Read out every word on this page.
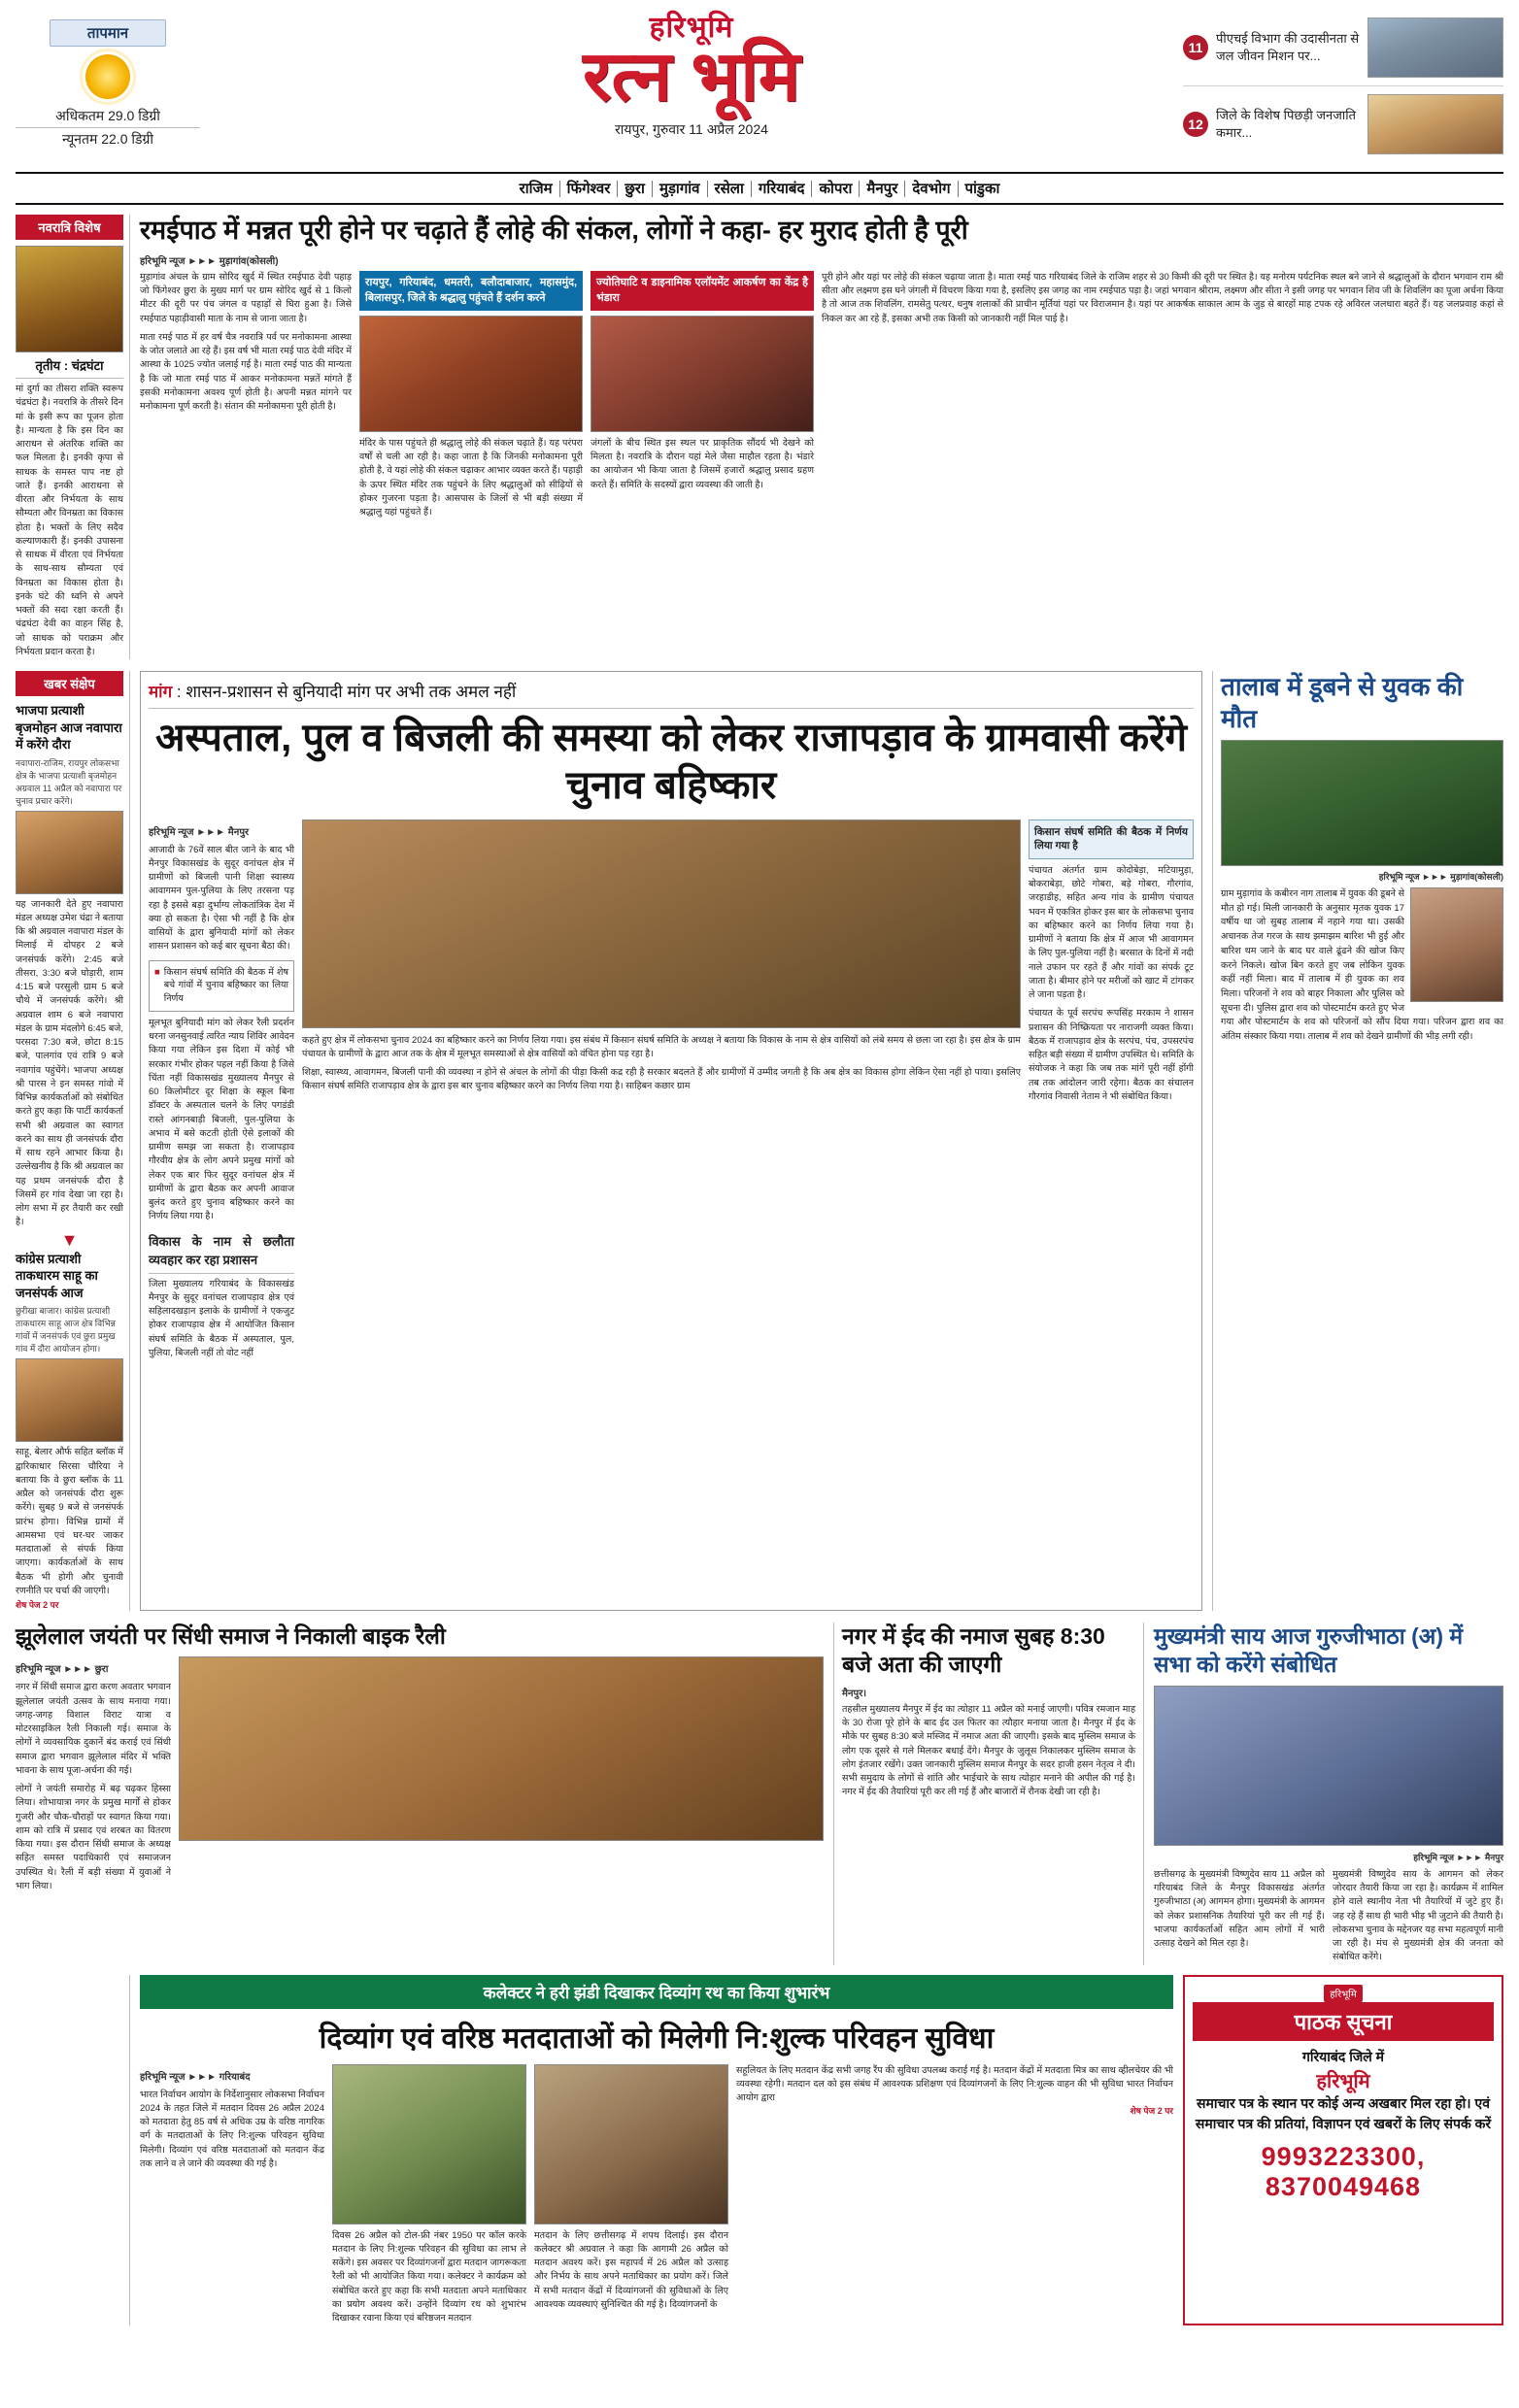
तापमान
अधिकतम 29.0 डिग्री
न्यूनतम 22.0 डिग्री
हरिभूमि
रत्न भूमि
रायपुर, गुरुवार 11 अप्रैल 2024
11
पीएचई विभाग की उदासीनता से जल जीवन मिशन पर...
12
जिले के विशेष पिछड़ी जनजाति कमार...
राजिम फिंगेश्वर छुरा मुड़ागांव रसेला गरियाबंद कोपरा मैनपुर देवभोग पांडुका
नवरात्रि विशेष
तृतीय : चंद्रघंटा
मां दुर्गा का तीसरा शक्ति स्वरूप चंद्रघंटा है। नवरात्रि के तीसरे दिन मां के इसी रूप का पूजन होता है। मान्यता है कि इस दिन का आराधन से अंतरिक शक्ति का फल मिलता है। इनकी कृपा से साधक के समस्त पाप नष्ट हो जाते हैं। इनकी आराधना से वीरता और निर्भयता के साथ सौम्यता और विनम्रता का विकास होता है। भक्तों के लिए सदैव कल्याणकारी हैं। इनकी उपासना से साधक में वीरता एवं निर्भयता के साथ-साथ सौम्यता एवं विनम्रता का विकास होता है। इनके घंटे की ध्वनि से अपने भक्तों की सदा रक्षा करती हैं। चंद्रघंटा देवी का वाहन सिंह है, जो साधक को पराक्रम और निर्भयता प्रदान करता है।
रमईपाठ में मन्नत पूरी होने पर चढ़ाते हैं लोहे की संकल, लोगों ने कहा- हर मुराद होती है पूरी
हरिभूमि न्यूज ►►► मुड़ागांव(कोसली)
मुड़ागांव अंचल के ग्राम सोरिद खुर्द में स्थित रमईपाठ देवी पहाड़ जो फिंगेश्वर छुरा के मुख्य मार्ग पर ग्राम सोरिद खुर्द से 1 किलो मीटर की दूरी पर पंच जंगल व पहाड़ों से घिरा हुआ है। जिसे रमईपाठ पहाड़ीवासी माता के नाम से जाना जाता है।
माता रमई पाठ में हर वर्ष चैत्र नवरात्रि पर्व पर मनोकामना आस्था के जोत जलाते आ रहे हैं। इस वर्ष भी माता रमई पाठ देवी मंदिर में आस्था के 1025 ज्योत जलाई गई है। माता रमई पाठ की मान्यता है कि जो माता रमई पाठ में आकर मनोकामना मन्नतें मांगते हैं इसकी मनोकामना अवश्य पूर्ण होती है। अपनी मन्नत मांगने पर मनोकामना पूर्ण करती है। संतान की मनोकामना पूरी होती है।
रायपुर, गरियाबंद, धमतरी, बलौदाबाजार, महासमुंद, बिलासपुर, जिले के श्रद्धालु पहुंचते हैं दर्शन करने
मंदिर के पास पहुंचते ही श्रद्धालु लोहे की संकल चढ़ाते हैं। यह परंपरा वर्षों से चली आ रही है। कहा जाता है कि जिनकी मनोकामना पूरी होती है, वे यहां लोहे की संकल चढ़ाकर आभार व्यक्त करते हैं। पहाड़ी के ऊपर स्थित मंदिर तक पहुंचने के लिए श्रद्धालुओं को सीढ़ियों से होकर गुजरना पड़ता है। आसपास के जिलों से भी बड़ी संख्या में श्रद्धालु यहां पहुंचते हैं।
ज्योतिघाटि व डाइनामिक एलॉयमेंट आकर्षण का केंद्र है भंडारा
जंगलों के बीच स्थित इस स्थल पर प्राकृतिक सौंदर्य भी देखने को मिलता है। नवरात्रि के दौरान यहां मेले जैसा माहौल रहता है। भंडारे का आयोजन भी किया जाता है जिसमें हजारों श्रद्धालु प्रसाद ग्रहण करते हैं। समिति के सदस्यों द्वारा व्यवस्था की जाती है।
पूरी होने और यहां पर लोहे की संकल चढ़ाया जाता है। माता रमई पाठ गरियाबंद जिले के राजिम शहर से 30 किमी की दूरी पर स्थित है। यह मनोरम पर्यटनिक स्थल बने जाने से श्रद्धालुओं के दौरान भगवान राम श्री सीता और लक्ष्मण इस घने जंगली में विचरण किया गया है, इसलिए इस जगह का नाम रमईपाठ पड़ा है। जहां भगवान श्रीराम, लक्ष्मण और सीता ने इसी जगह पर भगवान शिव जी के शिवलिंग का पूजा अर्चना किया है तो आज तक शिवलिंग, रामसेतु पत्थर, धनुष शलाकों की प्राचीन मूर्तियां यहां पर विराजमान है। यहां पर आकर्षक साकाल आम के जुड़ से बारहों माह टपक रहे अविरल जलधारा बहते हैं। यह जलप्रवाह कहां से निकल कर आ रहे हैं, इसका अभी तक किसी को जानकारी नहीं मिल पाई है।
खबर संक्षेप
भाजपा प्रत्याशी बृजमोहन आज नवापारा में करेंगे दौरा
नवापारा-राजिम, रायपुर लोकसभा क्षेत्र के भाजपा प्रत्याशी बृजमोहन अग्रवाल 11 अप्रैल को नवापारा पर चुनाव प्रचार करेंगे।
यह जानकारी देते हुए नवापारा मंडल अध्यक्ष उमेश चंद्रा ने बताया कि श्री अग्रवाल नवापारा मंडल के मिलाई में दोपहर 2 बजे जनसंपर्क करेंगे। 2:45 बजे तीसरा, 3:30 बजे घोड़ारी, शाम 4:15 बजे परसुली ग्राम 5 बजे चौथे में जनसंपर्क करेंगे। श्री अग्रवाल शाम 6 बजे नवापारा मंडल के ग्राम मंदलोगे 6:45 बजे, परसदा 7:30 बजे, छोटा 8:15 बजे, पालगांव एवं रात्रि 9 बजे नवागांव पहुंचेंगे। भाजपा अध्यक्ष श्री पारस ने इन समस्त गांवो में विभिन्न कार्यकर्ताओं को संबोधित करते हुए कहा कि पार्टी कार्यकर्ता सभी श्री अग्रवाल का स्वागत करने का साथ ही जनसंपर्क दौरा में साथ रहने आभार किया है। उल्लेखनीय है कि श्री अग्रवाल का यह प्रथम जनसंपर्क दौरा है जिसमें हर गांव देखा जा रहा है। लोग सभा में हर तैयारी कर रखी है।
▼
कांग्रेस प्रत्याशी ताकधारम साहू का जनसंपर्क आज
छुरीखा बाजार। कांग्रेस प्रत्याशी ताकधारम साहू आज क्षेत्र विभिन्न गांवों में जनसंपर्क एवं छुरा प्रमुख गांव में दौरा आयोजन होगा।
साहू, बेलार और्फ सहित ब्लॉक में द्वारिकाधार सिरसा चौरिया ने बताया कि वे छुरा ब्लॉक के 11 अप्रैल को जनसंपर्क दौरा शुरू करेंगे। सुबह 9 बजे से जनसंपर्क प्रारंभ होगा। विभिन्न ग्रामों में आमसभा एवं घर-घर जाकर मतदाताओं से संपर्क किया जाएगा। कार्यकर्ताओं के साथ बैठक भी होगी और चुनावी रणनीति पर चर्चा की जाएगी।
शेष पेज 2 पर
मांग : शासन-प्रशासन से बुनियादी मांग पर अभी तक अमल नहीं
अस्पताल, पुल व बिजली की समस्या को लेकर राजापड़ाव के ग्रामवासी करेंगे चुनाव बहिष्कार
हरिभूमि न्यूज ►►► मैनपुर
आजादी के 76वें साल बीत जाने के बाद भी मैनपुर विकासखंड के सुदूर वनांचल क्षेत्र में ग्रामीणों को बिजली पानी शिक्षा स्वास्थ्य आवागमन पुल-पुलिया के लिए तरसना पड़ रहा है इससे बड़ा दुर्भाग्य लोकतांत्रिक देश में क्या हो सकता है। ऐसा भी नहीं है कि क्षेत्र वासियों के द्वारा बुनियादी मांगों को लेकर शासन प्रशासन को कई बार सूचना बैठा की।
■ किसान संघर्ष समिति की बैठक में शेष बचे गांवों में चुनाव बहिष्कार का लिया निर्णय
मूलभूत बुनियादी मांग को लेकर रैली प्रदर्शन धरना जनसुनवाई त्वरित न्याय शिविर आवेदन किया गया लेकिन इस दिशा में कोई भी सरकार गंभीर होकर पहल नहीं किया है जिसे चिंता नहीं विकासखंड मुख्यालय मैनपुर से 60 किलोमीटर दूर शिक्षा के स्कूल बिना डॉक्टर के अस्पताल चलने के लिए पगडंडी रास्ते आंगनबाड़ी बिजली, पुल-पुलिया के अभाव में बसे कटती होती ऐसे इलाकों की ग्रामीण समझ जा सकता है। राजापड़ाव गौरवीय क्षेत्र के लोग अपने प्रमुख मांगों को लेकर एक बार फिर सुदूर वनांचल क्षेत्र में ग्रामीणों के द्वारा बैठक कर अपनी आवाज बुलंद करते हुए चुनाव बहिष्कार करने का निर्णय लिया गया है।
विकास के नाम से छलौता व्यवहार कर रहा प्रशासन
जिला मुख्यालय गरियाबंद के विकासखंड मैनपुर के सुदूर वनांचल राजापड़ाव क्षेत्र एवं सहिलादखड़ान इलाके के ग्रामीणों ने एकजुट होकर राजापड़ाव क्षेत्र में आयोजित किसान संघर्ष समिति के बैठक में अस्पताल, पुल, पुलिया, बिजली नहीं तो वोट नहीं
कहते हुए क्षेत्र में लोकसभा चुनाव 2024 का बहिष्कार करने का निर्णय लिया गया। इस संबंध में किसान संघर्ष समिति के अध्यक्ष ने बताया कि विकास के नाम से क्षेत्र वासियों को लंबे समय से छला जा रहा है। इस क्षेत्र के ग्राम पंचायत के ग्रामीणों के द्वारा आज तक के क्षेत्र में मूलभूत समस्याओं से क्षेत्र वासियों को वंचित होना पड़ रहा है।
शिक्षा, स्वास्थ्य, आवागमन, बिजली पानी की व्यवस्था न होने से अंचल के लोगों की पीड़ा किसी कद्र रही है सरकार बदलते हैं और ग्रामीणों में उम्मीद जगती है कि अब क्षेत्र का विकास होगा लेकिन ऐसा नहीं हो पाया। इसलिए किसान संघर्ष समिति राजापड़ाव क्षेत्र के द्वारा इस बार चुनाव बहिष्कार करने का निर्णय लिया गया है। साहिबन कछार ग्राम
किसान संघर्ष समिति की बैठक में निर्णय लिया गया है
पंचायत अंतर्गत ग्राम कोदोबेड़ा, मटियामुड़ा, बोकराबेड़ा, छोटे गोबरा, बड़े गोबरा, गौरगांव, जरहाडीह, सहित अन्य गांव के ग्रामीण पंचायत भवन में एकत्रित होकर इस बार के लोकसभा चुनाव का बहिष्कार करने का निर्णय लिया गया है। ग्रामीणों ने बताया कि क्षेत्र में आज भी आवागमन के लिए पुल-पुलिया नहीं है। बरसात के दिनों में नदी नाले उफान पर रहते हैं और गांवों का संपर्क टूट जाता है। बीमार होने पर मरीजों को खाट में टांगकर ले जाना पड़ता है।
पंचायत के पूर्व सरपंच रूपसिंह मरकाम ने शासन प्रशासन की निष्क्रियता पर नाराजगी व्यक्त किया। बैठक में राजापड़ाव क्षेत्र के सरपंच, पंच, उपसरपंच सहित बड़ी संख्या में ग्रामीण उपस्थित थे। समिति के संयोजक ने कहा कि जब तक मांगें पूरी नहीं होंगी तब तक आंदोलन जारी रहेगा। बैठक का संचालन गौरगांव निवासी नेताम ने भी संबोधित किया।
तालाब में डूबने से युवक की मौत
हरिभूमि न्यूज ►►► मुड़ागांव(कोसली)
ग्राम मुड़ागांव के कबीरन नाग तालाब में युवक की डूबने से मौत हो गई। मिली जानकारी के अनुसार मृतक युवक 17 वर्षीय था जो सुबह तालाब में नहाने गया था। उसकी अचानक तेज गरज के साथ झमाझम बारिश भी हुई और बारिश थम जाने के बाद घर वाले ढूंढने की खोज किए करने निकले। खोज बिन करते हुए जब लोकिन युवक कहीं नहीं मिला। बाद में तालाब में ही युवक का शव मिला। परिजनों ने शव को बाहर निकाला और पुलिस को सूचना दी। पुलिस द्वारा शव को पोस्टमार्टम करते हुए भेज गया और पोस्टमार्टम के शव को परिजनों को सौंप दिया गया। परिजन द्वारा शव का अंतिम संस्कार किया गया। तालाब में शव को देखने ग्रामीणों की भीड़ लगी रही।
झूलेलाल जयंती पर सिंधी समाज ने निकाली बाइक रैली
हरिभूमि न्यूज ►►► छुरा
नगर में सिंधी समाज द्वारा करण अवतार भगवान झूलेलाल जयंती उत्सव के साथ मनाया गया। जगह-जगह विशाल विराट यात्रा व मोटरसाइकिल रैली निकाली गई। समाज के लोगों ने व्यवसायिक दुकानें बंद कराई एवं सिंधी समाज द्वारा भगवान झूलेलाल मंदिर में भक्ति भावना के साथ पूजा-अर्चना की गई।
लोगों ने जयंती समारोह में बढ़ चढ़कर हिस्सा लिया। शोभायात्रा नगर के प्रमुख मार्गों से होकर गुजरी और चौक-चौराहों पर स्वागत किया गया। शाम को रात्रि में प्रसाद एवं शरबत का वितरण किया गया। इस दौरान सिंधी समाज के अध्यक्ष सहित समस्त पदाधिकारी एवं समाजजन उपस्थित थे। रैली में बड़ी संख्या में युवाओं ने भाग लिया।
नगर में ईद की नमाज सुबह 8:30 बजे अता की जाएगी
मैनपुर।
तहसील मुख्यालय मैनपुर में ईद का त्योहार 11 अप्रैल को मनाई जाएगी। पवित्र रमजान माह के 30 रोजा पूरे होने के बाद ईद उल फितर का त्यौहार मनाया जाता है। मैनपुर में ईद के मौके पर सुबह 8:30 बजे मस्जिद में नमाज अता की जाएगी। इसके बाद मुस्लिम समाज के लोग एक दूसरे से गले मिलकर बधाई देंगे। मैनपुर के जुलूस निकालकर मुस्लिम समाज के लोग इंतजार रखेंगे। उक्त जानकारी मुस्लिम समाज मैनपुर के सदर हाजी हसन नेतृत्व ने दी। सभी समुदाय के लोगों से शांति और भाईचारे के साथ त्योहार मनाने की अपील की गई है। नगर में ईद की तैयारियां पूरी कर ली गई हैं और बाजारों में रौनक देखी जा रही है।
मुख्यमंत्री साय आज गुरुजीभाठा (अ) में सभा को करेंगे संबोधित
हरिभूमि न्यूज ►►► मैनपुर
छत्तीसगढ़ के मुख्यमंत्री विष्णुदेव साय 11 अप्रैल को गरियाबंद जिले के मैनपुर विकासखंड अंतर्गत गुरुजीभाठा (अ) आगमन होगा। मुख्यमंत्री के आगमन को लेकर प्रशासनिक तैयारियां पूरी कर ली गई हैं। भाजपा कार्यकर्ताओं सहित आम लोगों में भारी उत्साह देखने को मिल रहा है।
मुख्यमंत्री विष्णुदेव साय के आगमन को लेकर जोरदार तैयारी किया जा रहा है। कार्यक्रम में शामिल होने वाले स्थानीय नेता भी तैयारियों में जुटे हुए हैं। जह रहे हैं साथ ही भारी भीड़ भी जुटाने की तैयारी है। लोकसभा चुनाव के मद्देनजर यह सभा महत्वपूर्ण मानी जा रही है। मंच से मुख्यमंत्री क्षेत्र की जनता को संबोधित करेंगे।
कलेक्टर ने हरी झंडी दिखाकर दिव्यांग रथ का किया शुभारंभ
दिव्यांग एवं वरिष्ठ मतदाताओं को मिलेगी नि:शुल्क परिवहन सुविधा
हरिभूमि न्यूज ►►► गरियाबंद
भारत निर्वाचन आयोग के निर्देशानुसार लोकसभा निर्वाचन 2024 के तहत जिले में मतदान दिवस 26 अप्रैल 2024 को मतदाता हेतु 85 वर्ष से अधिक उम्र के वरिष्ठ नागरिक वर्ग के मतदाताओं के लिए नि:शुल्क परिवहन सुविधा मिलेगी। दिव्यांग एवं वरिष्ठ मतदाताओं को मतदान केंद्र तक लाने व ले जाने की व्यवस्था की गई है।
दिवस 26 अप्रैल को टोल-फ्री नंबर 1950 पर कॉल करके मतदान के लिए नि:शुल्क परिवहन की सुविधा का लाभ ले सकेंगे। इस अवसर पर दिव्यांगजनों द्वारा मतदान जागरूकता रैली को भी आयोजित किया गया। कलेक्टर ने कार्यक्रम को संबोधित करते हुए कहा कि सभी मतदाता अपने मताधिकार का प्रयोग अवश्य करें। उन्होंने दिव्यांग रथ को शुभारंभ दिखाकर रवाना किया एवं बरिष्ठजन मतदान
मतदान के लिए छत्तीसगढ़ में शपथ दिलाई। इस दौरान कलेक्टर श्री अग्रवाल ने कहा कि आगामी 26 अप्रैल को मतदान अवश्य करें। इस महापर्व में 26 अप्रैल को उत्साह और निर्भय के साथ अपने मताधिकार का प्रयोग करें। जिले में सभी मतदान केंद्रों में दिव्यांगजनों की सुविधाओं के लिए आवश्यक व्यवस्थाएं सुनिश्चित की गई है। दिव्यांगजनों के
सहूलियत के लिए मतदान केंद्र सभी जगह रैंप की सुविधा उपलब्ध कराई गई है। मतदान केंद्रों में मतदाता मित्र का साथ व्हीलचेयर की भी व्यवस्था रहेगी। मतदान दल को इस संबंध में आवश्यक प्रशिक्षण एवं दिव्यांगजनों के लिए नि:शुल्क वाहन की भी सुविधा भारत निर्वाचन आयोग द्वारा
शेष पेज 2 पर
हरिभूमि
पाठक सूचना
गरियाबंद जिले में
हरिभूमि
समाचार पत्र के स्थान पर कोई अन्य अखबार मिल रहा हो। एवं समाचार पत्र की प्रतियां, विज्ञापन एवं खबरों के लिए संपर्क करें
9993223300, 8370049468
